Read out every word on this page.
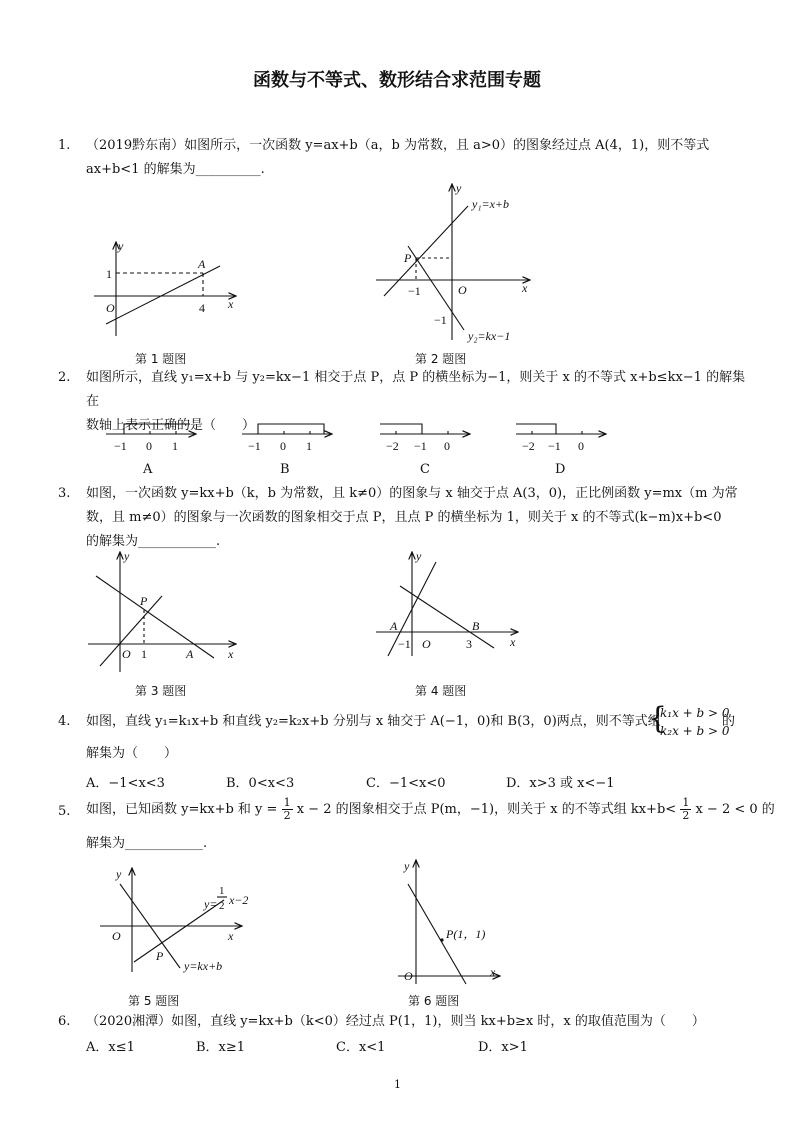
函数与不等式、数形结合求范围专题
1. （2019黔东南）如图所示，一次函数 y=ax+b（a，b 为常数，且 a>0）的图象经过点 A(4，1)，则不等式
ax+b<1 的解集为__________.
y
x
O
A
1
4
第 1 题图
y
x
O
P
−1
−1
y₁=x+b
y₂=kx−1
第 2 题图
2. 如图所示，直线 y₁=x+b 与 y₂=kx−1 相交于点 P，点 P 的横坐标为−1，则关于 x 的不等式 x+b≤kx−1 的解集在
数轴上表示正确的是（　　）
−1 0 1
A
−1 0 1
B
−2 −1 0
C
−2 −1 0
D
3. 如图，一次函数 y=kx+b（k，b 为常数，且 k≠0）的图象与 x 轴交于点 A(3，0)，正比例函数 y=mx（m 为常
数，且 m≠0）的图象与一次函数的图象相交于点 P，且点 P 的横坐标为 1，则关于 x 的不等式(k−m)x+b<0
的解集为____________.
y
x
O
P
1	A
第 3 题图
y
x
O
A	B
−1	3
第 4 题图
4. 如图，直线 y₁=k₁x+b 和直线 y₂=k₂x+b 分别与 x 轴交于 A(−1，0)和 B(3，0)两点，则不等式组
{
k₁x + b > 0
k₂x + b > 0
的
解集为（　　）
A．−1<x<3	B．0<x<3	C．−1<x<0	D．x>3 或 x<−1
5. 如图，已知函数 y=kx+b 和 $y = \frac{1}{2}$ x − 2 的图象相交于点 P(m，−1)，则关于 x 的不等式组 $kx+b< \frac{1}{2}$ x − 2 < 0 的
解集为____________.
y
x
O
P
y=
1
2 x−2
y=kx+b
第 5 题图
y
x
O
P(1，1)
第 6 题图
6. （2020湘潭）如图，直线 y=kx+b（k<0）经过点 P(1，1)，则当 kx+b≥x 时，x 的取值范围为（　　）
A．x≤1	B．x≥1	C．x<1	D．x>1
1
